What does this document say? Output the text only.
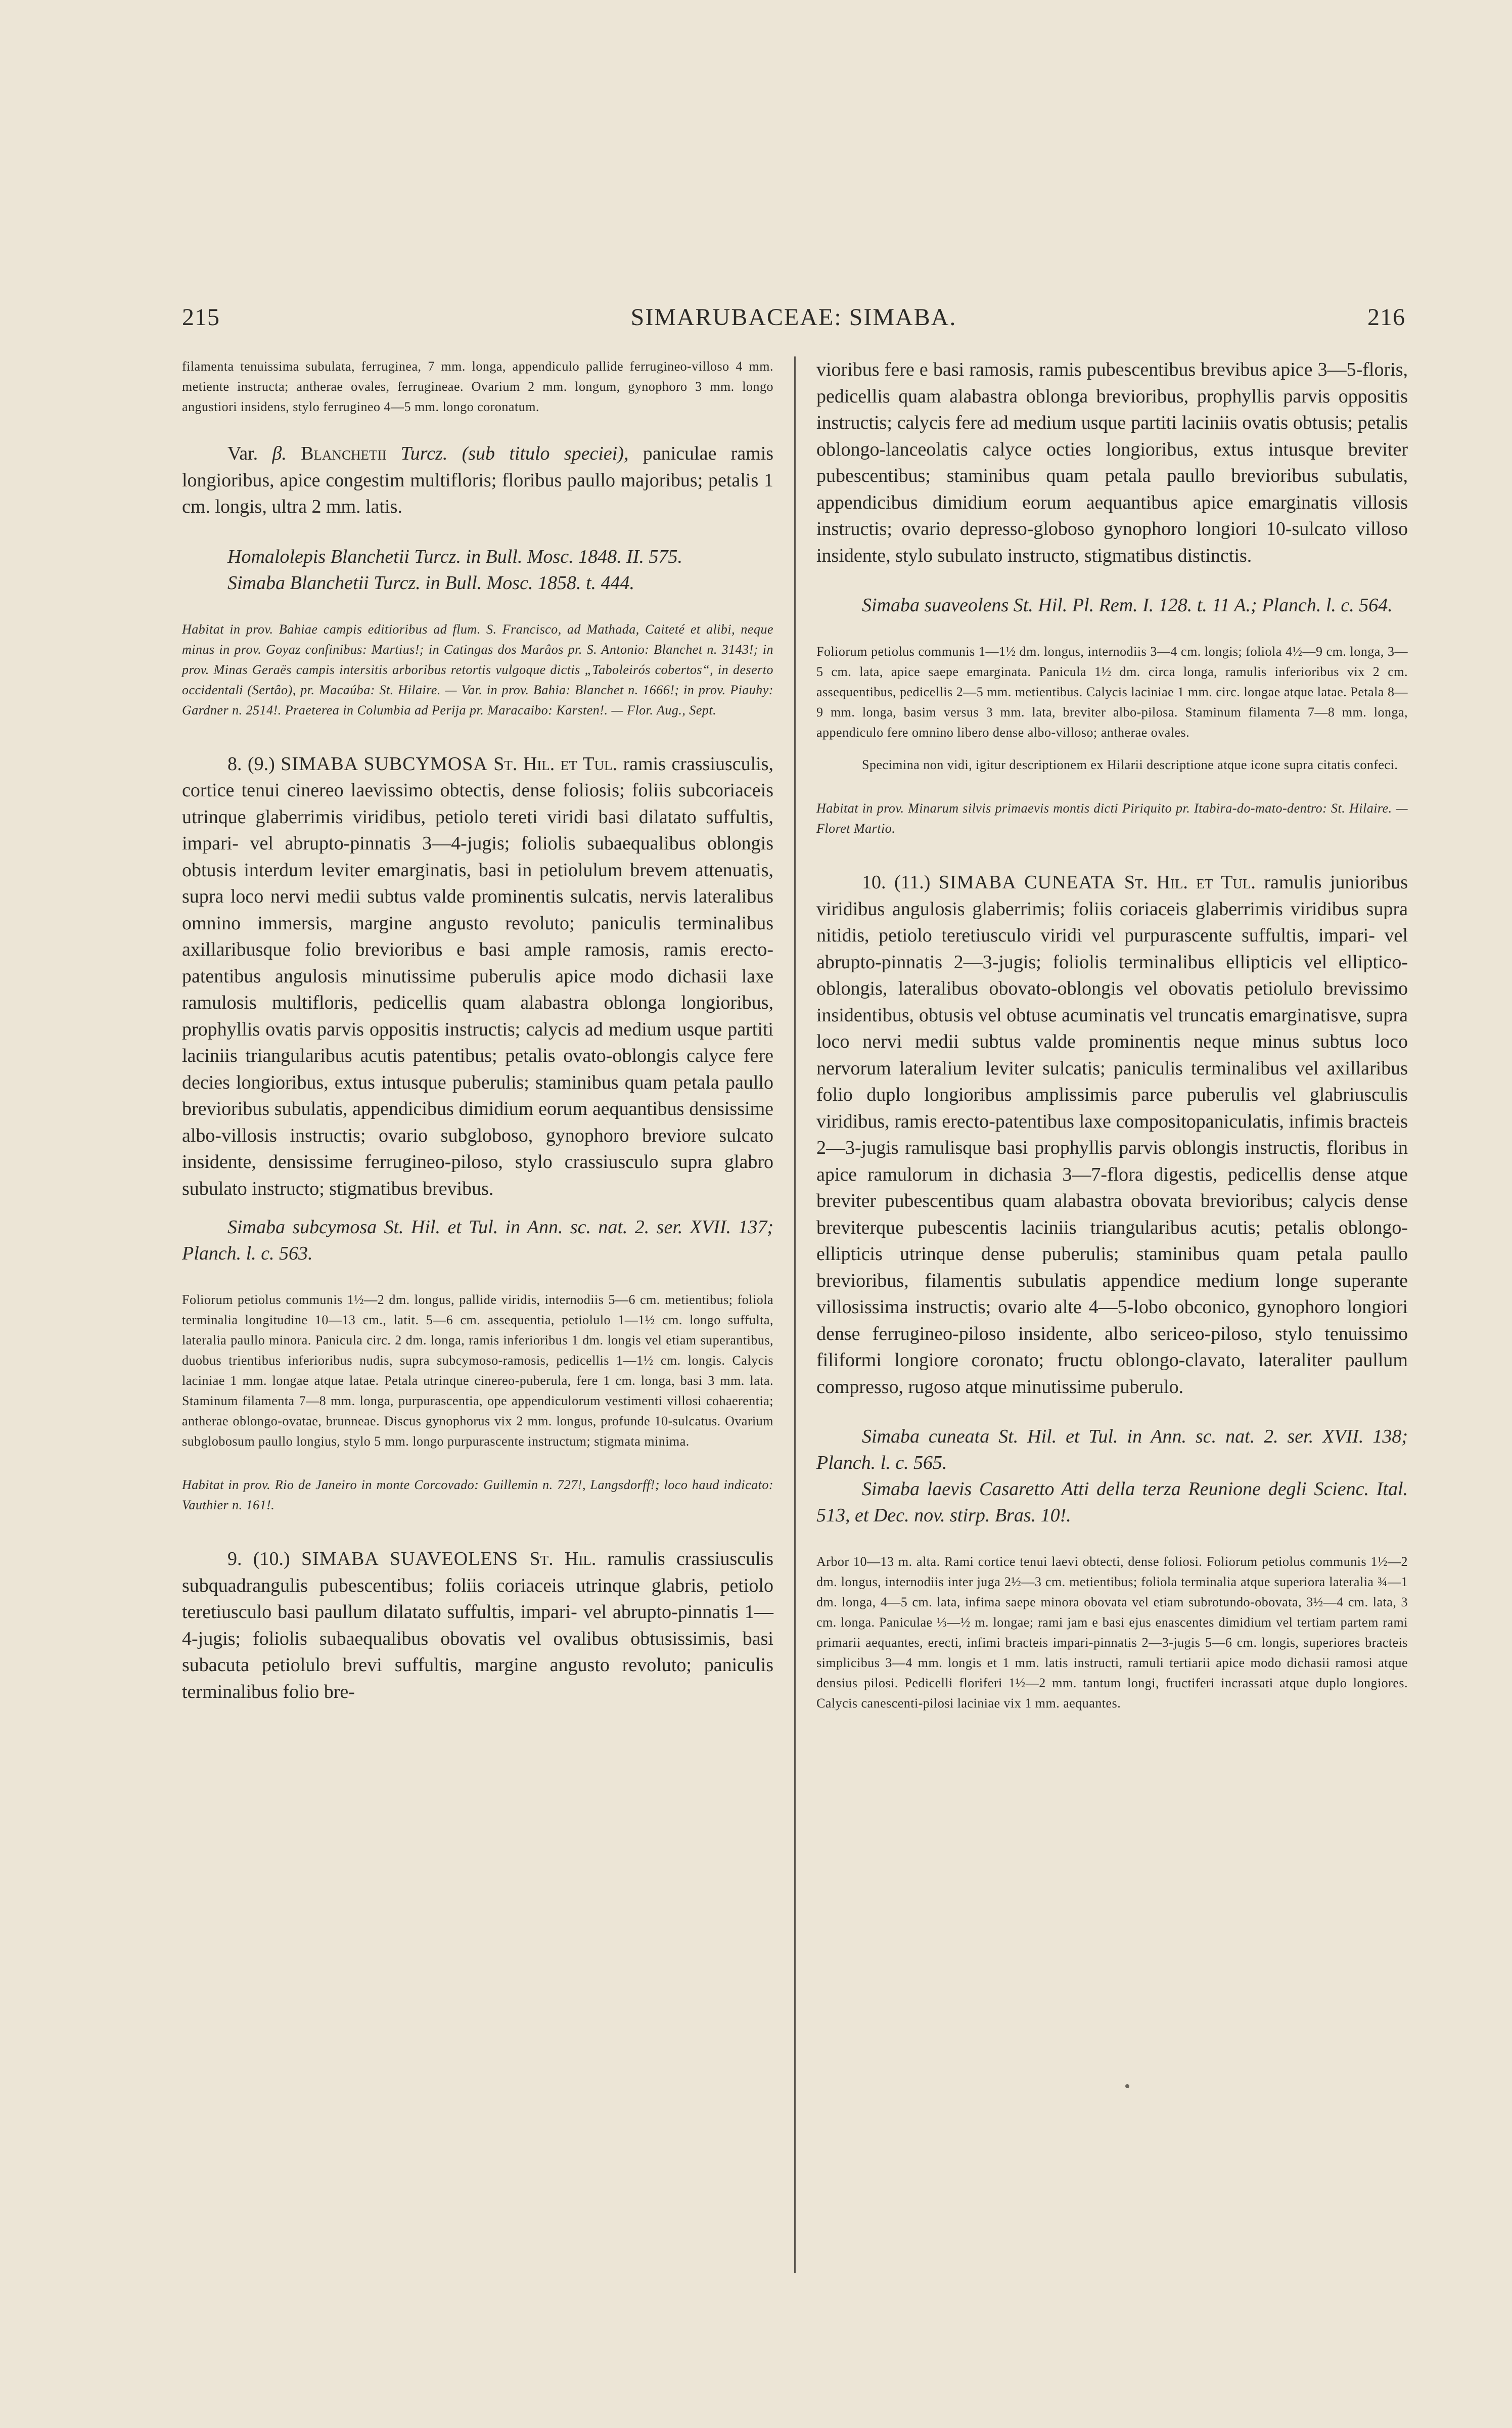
215	SIMARUBACEAE: SIMABA.	216

filamenta tenuissima subulata, ferruginea, 7 mm. longa, appendiculo pallide ferrugineo-villoso 4 mm. metiente instructa; antherae ovales, ferrugineae. Ovarium 2 mm. longum, gynophoro 3 mm. longo angustiori insidens, stylo ferrugineo 4—5 mm. longo coronatum.

Var. β. Blanchetii Turcz. (sub titulo speciei), paniculae ramis longioribus, apice congestim multifloris; floribus paullo majoribus; petalis 1 cm. longis, ultra 2 mm. latis.

Homalolepis Blanchetii Turcz. in Bull. Mosc. 1848. II. 575.

Simaba Blanchetii Turcz. in Bull. Mosc. 1858. t. 444.

Habitat in prov. Bahiae campis editioribus ad flum. S. Francisco, ad Mathada, Caiteté et alibi, neque minus in prov. Goyaz confinibus: Martius!; in Catingas dos Marâos pr. S. Antonio: Blanchet n. 3143!; in prov. Minas Geraës campis intersitis arboribus retortis vulgoque dictis „Taboleirós cobertos“, in deserto occidentali (Sertâo), pr. Macaúba: St. Hilaire. — Var. in prov. Bahia: Blanchet n. 1666!; in prov. Piauhy: Gardner n. 2514!. Praeterea in Columbia ad Perija pr. Maracaibo: Karsten!. — Flor. Aug., Sept.

8. (9.) SIMABA SUBCYMOSA St. Hil. et Tul. ramis crassiusculis, cortice tenui cinereo laevissimo obtectis, dense foliosis; foliis subcoriaceis utrinque glaberrimis viridibus, petiolo tereti viridi basi dilatato suffultis, impari- vel abrupto-pinnatis 3—4-jugis; foliolis subaequalibus oblongis obtusis interdum leviter emarginatis, basi in petiolulum brevem attenuatis, supra loco nervi medii subtus valde prominentis sulcatis, nervis lateralibus omnino immersis, margine angusto revoluto; paniculis terminalibus axillaribusque folio brevioribus e basi ample ramosis, ramis erecto-patentibus angulosis minutissime puberulis apice modo dichasii laxe ramulosis multifloris, pedicellis quam alabastra oblonga longioribus, prophyllis ovatis parvis oppositis instructis; calycis ad medium usque partiti laciniis triangularibus acutis patentibus; petalis ovato-oblongis calyce fere decies longioribus, extus intusque puberulis; staminibus quam petala paullo brevioribus subulatis, appendicibus dimidium eorum aequantibus densissime albo-villosis instructis; ovario subgloboso, gynophoro breviore sulcato insidente, densissime ferrugineo-piloso, stylo crassiusculo supra glabro subulato instructo; stigmatibus brevibus.

Simaba subcymosa St. Hil. et Tul. in Ann. sc. nat. 2. ser. XVII. 137; Planch. l. c. 563.

Foliorum petiolus communis 1½—2 dm. longus, pallide viridis, internodiis 5—6 cm. metientibus; foliola terminalia longitudine 10—13 cm., latit. 5—6 cm. assequentia, petiolulo 1—1½ cm. longo suffulta, lateralia paullo minora. Panicula circ. 2 dm. longa, ramis inferioribus 1 dm. longis vel etiam superantibus, duobus trientibus inferioribus nudis, supra subcymoso-ramosis, pedicellis 1—1½ cm. longis. Calycis laciniae 1 mm. longae atque latae. Petala utrinque cinereo-puberula, fere 1 cm. longa, basi 3 mm. lata. Staminum filamenta 7—8 mm. longa, purpurascentia, ope appendiculorum vestimenti villosi cohaerentia; antherae oblongo-ovatae, brunneae. Discus gynophorus vix 2 mm. longus, profunde 10-sulcatus. Ovarium subglobosum paullo longius, stylo 5 mm. longo purpurascente instructum; stigmata minima.

Habitat in prov. Rio de Janeiro in monte Corcovado: Guillemin n. 727!, Langsdorff!; loco haud indicato: Vauthier n. 161!.

9. (10.) SIMABA SUAVEOLENS St. Hil. ramulis crassiusculis subquadrangulis pubescentibus; foliis coriaceis utrinque glabris, petiolo teretiusculo basi paullum dilatato suffultis, impari- vel abrupto-pinnatis 1—4-jugis; foliolis subaequalibus obovatis vel ovalibus obtusissimis, basi subacuta petiolulo brevi suffultis, margine angusto revoluto; paniculis terminalibus folio bre-

vioribus fere e basi ramosis, ramis pubescentibus brevibus apice 3—5-floris, pedicellis quam alabastra oblonga brevioribus, prophyllis parvis oppositis instructis; calycis fere ad medium usque partiti laciniis ovatis obtusis; petalis oblongo-lanceolatis calyce octies longioribus, extus intusque breviter pubescentibus; staminibus quam petala paullo brevioribus subulatis, appendicibus dimidium eorum aequantibus apice emarginatis villosis instructis; ovario depresso-globoso gynophoro longiori 10-sulcato villoso insidente, stylo subulato instructo, stigmatibus distinctis.

Simaba suaveolens St. Hil. Pl. Rem. I. 128. t. 11 A.; Planch. l. c. 564.

Foliorum petiolus communis 1—1½ dm. longus, internodiis 3—4 cm. longis; foliola 4½—9 cm. longa, 3—5 cm. lata, apice saepe emarginata. Panicula 1½ dm. circa longa, ramulis inferioribus vix 2 cm. assequentibus, pedicellis 2—5 mm. metientibus. Calycis laciniae 1 mm. circ. longae atque latae. Petala 8—9 mm. longa, basim versus 3 mm. lata, breviter albo-pilosa. Staminum filamenta 7—8 mm. longa, appendiculo fere omnino libero dense albo-villoso; antherae ovales.

Specimina non vidi, igitur descriptionem ex Hilarii descriptione atque icone supra citatis confeci.

Habitat in prov. Minarum silvis primaevis montis dicti Piriquito pr. Itabira-do-mato-dentro: St. Hilaire. — Floret Martio.

10. (11.) SIMABA CUNEATA St. Hil. et Tul. ramulis junioribus viridibus angulosis glaberrimis; foliis coriaceis glaberrimis viridibus supra nitidis, petiolo teretiusculo viridi vel purpurascente suffultis, impari- vel abrupto-pinnatis 2—3-jugis; foliolis terminalibus ellipticis vel elliptico-oblongis, lateralibus obovato-oblongis vel obovatis petiolulo brevissimo insidentibus, obtusis vel obtuse acuminatis vel truncatis emarginatisve, supra loco nervi medii subtus valde prominentis neque minus subtus loco nervorum lateralium leviter sulcatis; paniculis terminalibus vel axillaribus folio duplo longioribus amplissimis parce puberulis vel glabriusculis viridibus, ramis erecto-patentibus laxe compositopaniculatis, infimis bracteis 2—3-jugis ramulisque basi prophyllis parvis oblongis instructis, floribus in apice ramulorum in dichasia 3—7-flora digestis, pedicellis dense atque breviter pubescentibus quam alabastra obovata brevioribus; calycis dense breviterque pubescentis laciniis triangularibus acutis; petalis oblongo-ellipticis utrinque dense puberulis; staminibus quam petala paullo brevioribus, filamentis subulatis appendice medium longe superante villosissima instructis; ovario alte 4—5-lobo obconico, gynophoro longiori dense ferrugineo-piloso insidente, albo sericeo-piloso, stylo tenuissimo filiformi longiore coronato; fructu oblongo-clavato, lateraliter paullum compresso, rugoso atque minutissime puberulo.

Simaba cuneata St. Hil. et Tul. in Ann. sc. nat. 2. ser. XVII. 138; Planch. l. c. 565.

Simaba laevis Casaretto Atti della terza Reunione degli Scienc. Ital. 513, et Dec. nov. stirp. Bras. 10!.

Arbor 10—13 m. alta. Rami cortice tenui laevi obtecti, dense foliosi. Foliorum petiolus communis 1½—2 dm. longus, internodiis inter juga 2½—3 cm. metientibus; foliola terminalia atque superiora lateralia ¾—1 dm. longa, 4—5 cm. lata, infima saepe minora obovata vel etiam subrotundo-obovata, 3½—4 cm. lata, 3 cm. longa. Paniculae ⅓—½ m. longae; rami jam e basi ejus enascentes dimidium vel tertiam partem rami primarii aequantes, erecti, infimi bracteis impari-pinnatis 2—3-jugis 5—6 cm. longis, superiores bracteis simplicibus 3—4 mm. longis et 1 mm. latis instructi, ramuli tertiarii apice modo dichasii ramosi atque densius pilosi. Pedicelli floriferi 1½—2 mm. tantum longi, fructiferi incrassati atque duplo longiores. Calycis canescenti-pilosi laciniae vix 1 mm. aequantes.
